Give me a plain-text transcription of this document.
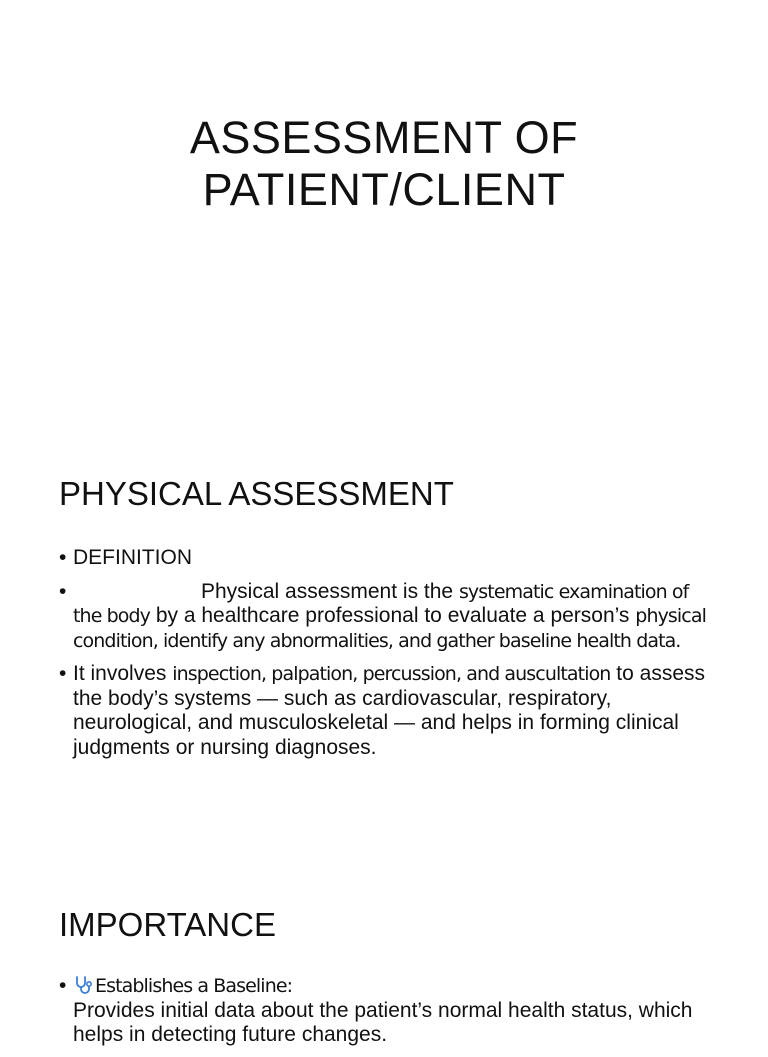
ASSESSMENT OF
PATIENT/CLIENT
PHYSICAL ASSESSMENT
• DEFINITION
• Physical assessment is the systematic examination of the body by a healthcare professional to evaluate a person’s physical condition, identify any abnormalities, and gather baseline health data.
• It involves inspection, palpation, percussion, and auscultation to assess the body’s systems — such as cardiovascular, respiratory, neurological, and musculoskeletal — and helps in forming clinical judgments or nursing diagnoses.
IMPORTANCE
• Establishes a Baseline:
Provides initial data about the patient’s normal health status, which helps in detecting future changes.
